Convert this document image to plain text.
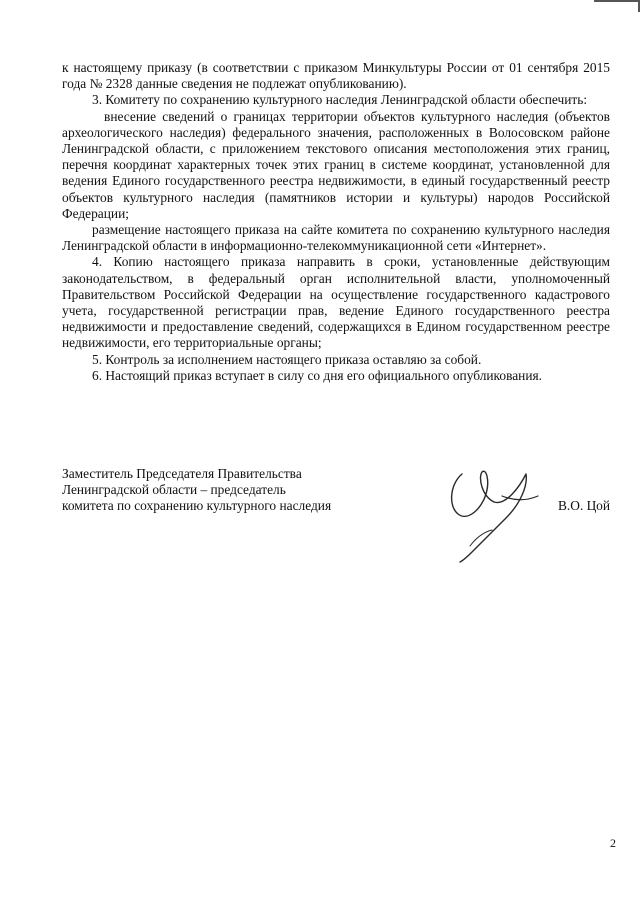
к настоящему приказу (в соответствии с приказом Минкультуры России от 01 сентября 2015 года № 2328 данные сведения не подлежат опубликованию).

3. Комитету по сохранению культурного наследия Ленинградской области обеспечить:

внесение сведений о границах территории объектов культурного наследия (объектов археологического наследия) федерального значения, расположенных в Волосовском районе Ленинградской области, с приложением текстового описания местоположения этих границ, перечня координат характерных точек этих границ в системе координат, установленной для ведения Единого государственного реестра недвижимости, в единый государственный реестр объектов культурного наследия (памятников истории и культуры) народов Российской Федерации;

размещение настоящего приказа на сайте комитета по сохранению культурного наследия Ленинградской области в информационно-телекоммуникационной сети «Интернет».

4. Копию настоящего приказа направить в сроки, установленные действующим законодательством, в федеральный орган исполнительной власти, уполномоченный Правительством Российской Федерации на осуществление государственного кадастрового учета, государственной регистрации прав, ведение Единого государственного реестра недвижимости и предоставление сведений, содержащихся в Едином государственном реестре недвижимости, его территориальные органы;

5. Контроль за исполнением настоящего приказа оставляю за собой.

6. Настоящий приказ вступает в силу со дня его официального опубликования.

Заместитель Председателя Правительства
Ленинградской области – председатель
комитета по сохранению культурного наследия	В.О. Цой
2
